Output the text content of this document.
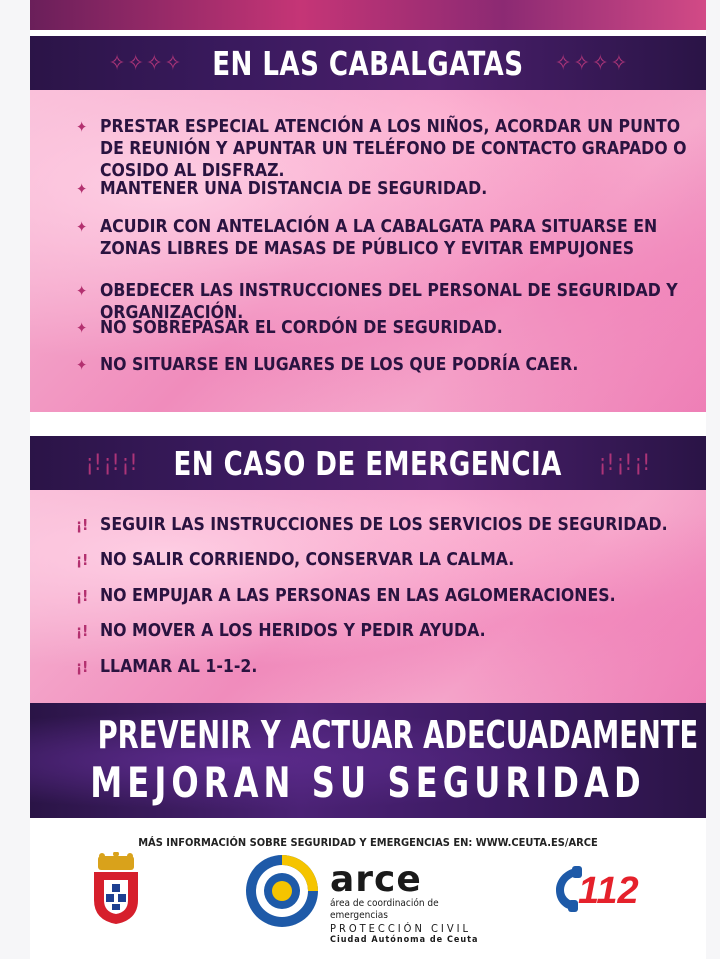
✧ ✧ ✧ ✧ EN LAS CABALGATAS ✧ ✧ ✧ ✧
✦ PRESTAR ESPECIAL ATENCIÓN A LOS NIÑOS, ACORDAR UN PUNTO DE REUNIÓN Y APUNTAR UN TELÉFONO DE CONTACTO GRAPADO O COSIDO AL DISFRAZ.
✦ MANTENER UNA DISTANCIA DE SEGURIDAD.
✦ ACUDIR CON ANTELACIÓN A LA CABALGATA PARA SITUARSE EN ZONAS LIBRES DE MASAS DE PÚBLICO Y EVITAR EMPUJONES
✦ OBEDECER LAS INSTRUCCIONES DEL PERSONAL DE SEGURIDAD Y ORGANIZACIÓN.
✦ NO SOBREPASAR EL CORDÓN DE SEGURIDAD.
✦ NO SITUARSE EN LUGARES DE LOS QUE PODRÍA CAER.
¡! ¡! ¡! EN CASO DE EMERGENCIA ¡! ¡! ¡!
¡! SEGUIR LAS INSTRUCCIONES DE LOS SERVICIOS DE SEGURIDAD.
¡! NO SALIR CORRIENDO, CONSERVAR LA CALMA.
¡! NO EMPUJAR A LAS PERSONAS EN LAS AGLOMERACIONES.
¡! NO MOVER A LOS HERIDOS Y PEDIR AYUDA.
¡! LLAMAR AL 1-1-2.
PREVENIR Y ACTUAR ADECUADAMENTE
MEJORAN SU SEGURIDAD
MÁS INFORMACIÓN SOBRE SEGURIDAD Y EMERGENCIAS EN: WWW.CEUTA.ES/ARCE
arce
área de coordinación de emergencias
PROTECCIÓN CIVIL
Ciudad Autónoma de Ceuta
112
